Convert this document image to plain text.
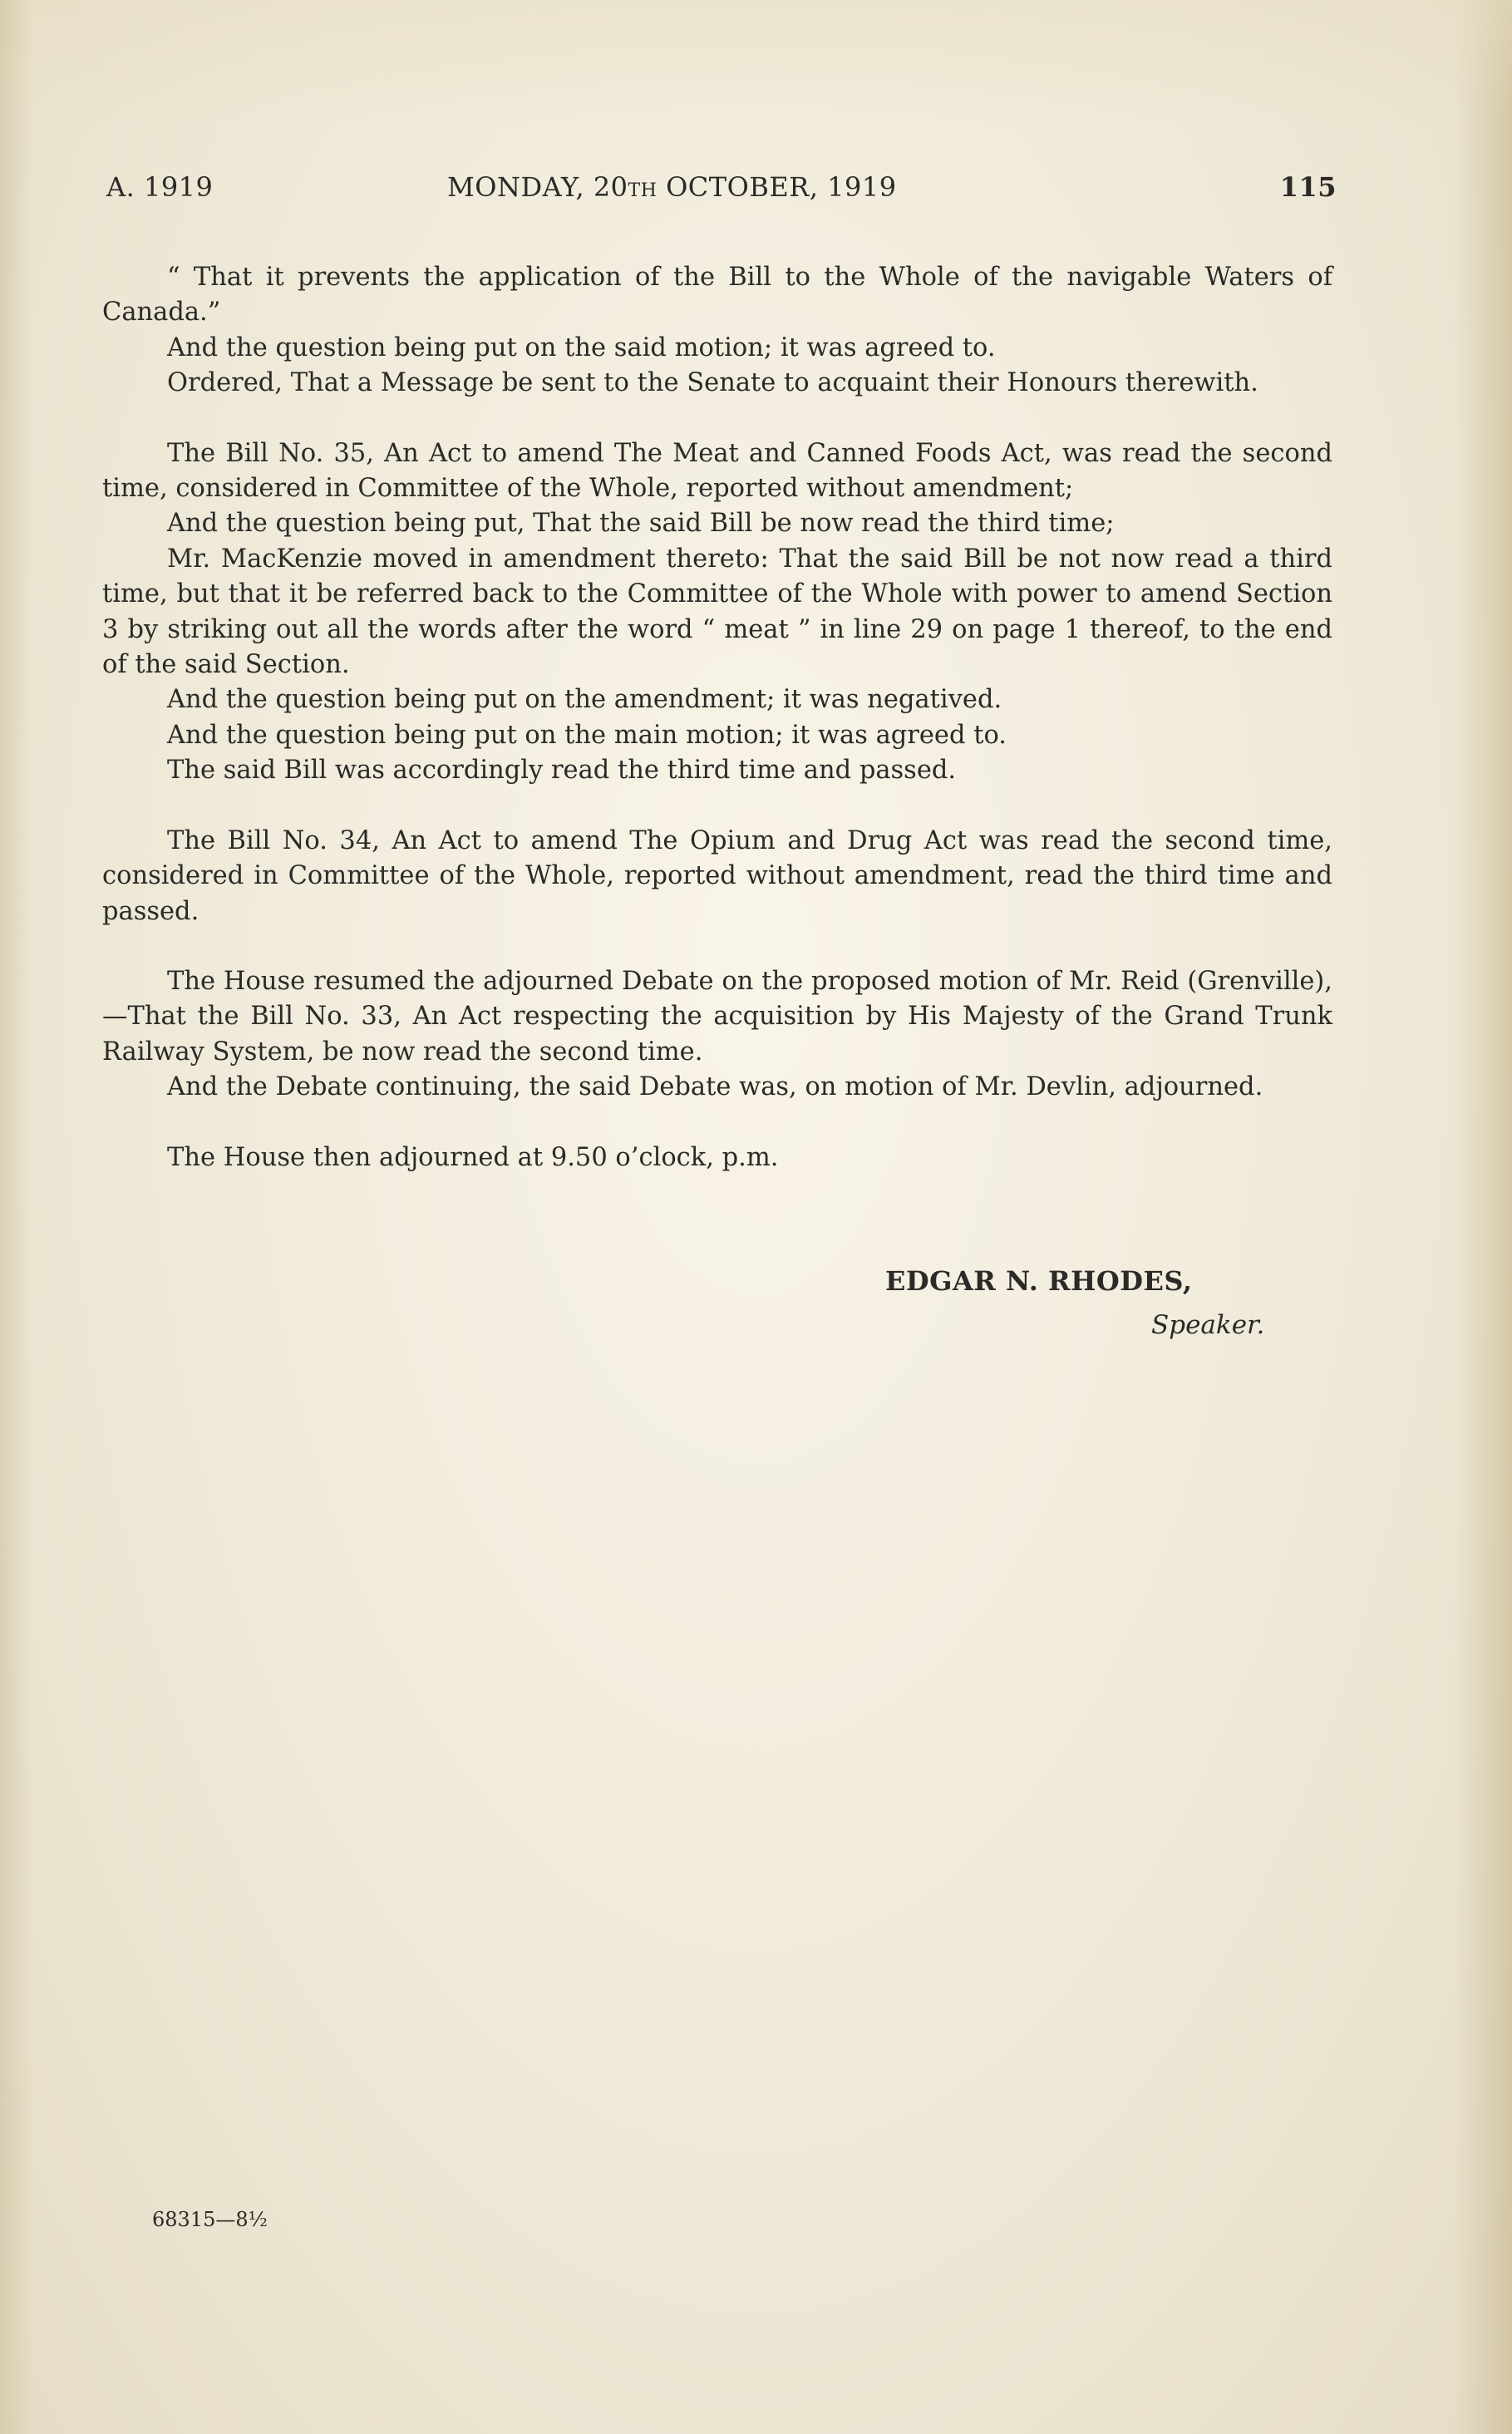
A. 1919	MONDAY, 20TH OCTOBER, 1919	115

“ That it prevents the application of the Bill to the Whole of the navigable Waters of Canada.”

And the question being put on the said motion; it was agreed to.

Ordered, That a Message be sent to the Senate to acquaint their Honours therewith.

The Bill No. 35, An Act to amend The Meat and Canned Foods Act, was read the second time, considered in Committee of the Whole, reported without amendment;

And the question being put, That the said Bill be now read the third time;

Mr. MacKenzie moved in amendment thereto: That the said Bill be not now read a third time, but that it be referred back to the Committee of the Whole with power to amend Section 3 by striking out all the words after the word “ meat ” in line 29 on page 1 thereof, to the end of the said Section.

And the question being put on the amendment; it was negatived.

And the question being put on the main motion; it was agreed to.

The said Bill was accordingly read the third time and passed.

The Bill No. 34, An Act to amend The Opium and Drug Act was read the second time, considered in Committee of the Whole, reported without amendment, read the third time and passed.

The House resumed the adjourned Debate on the proposed motion of Mr. Reid (Grenville),—That the Bill No. 33, An Act respecting the acquisition by His Majesty of the Grand Trunk Railway System, be now read the second time.

And the Debate continuing, the said Debate was, on motion of Mr. Devlin, adjourned.

The House then adjourned at 9.50 o’clock, p.m.

EDGAR N. RHODES,
Speaker.
68315—8½
